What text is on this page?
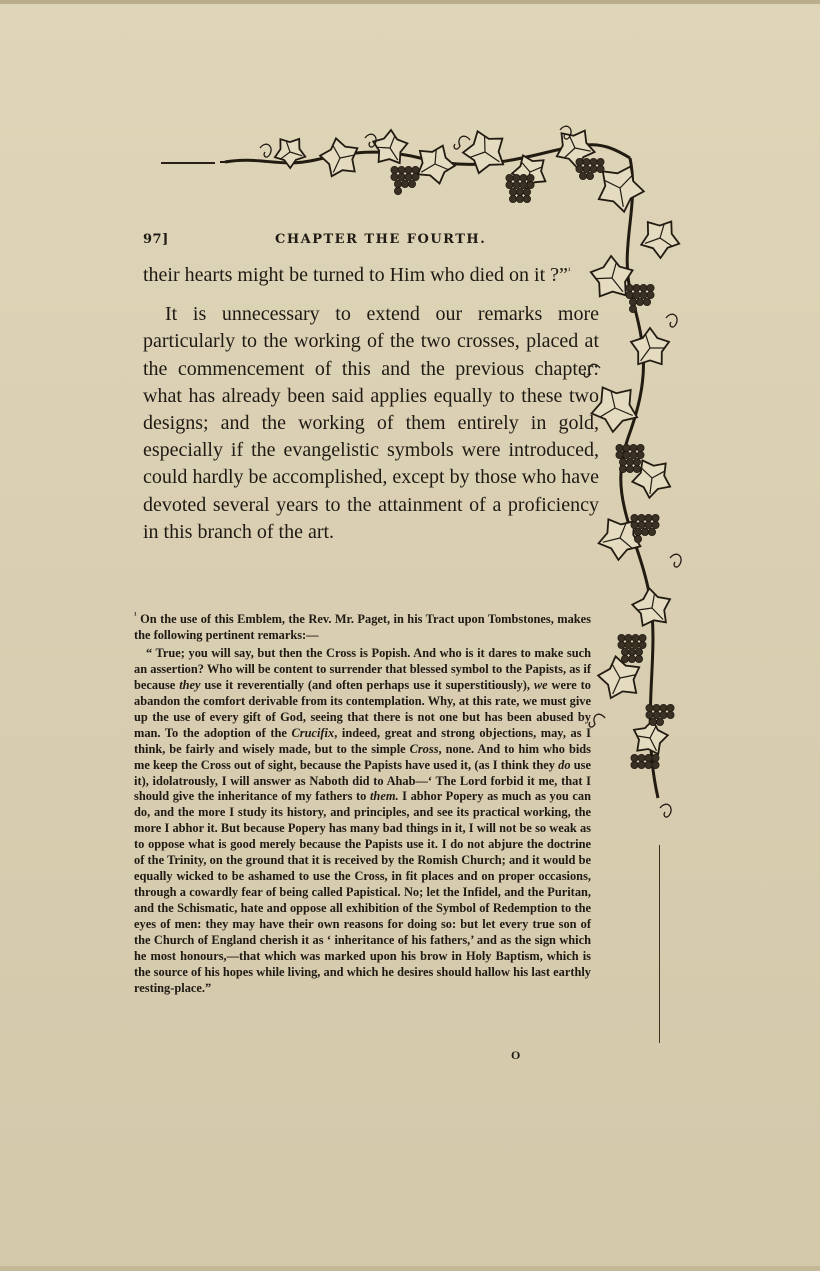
97]	CHAPTER THE FOURTH.

their hearts might be turned to Him who died on it ?”$^{^1}$

It is unnecessary to extend our remarks more particularly to the working of the two crosses, placed at the commencement of this and the previous chapter: what has already been said applies equally to these two designs; and the working of them entirely in gold, especially if the evangelistic symbols were introduced, could hardly be accomplished, except by those who have devoted several years to the attainment of a proficiency in this branch of the art.

$^{^1}$ On the use of this Emblem, the Rev. Mr. Paget, in his Tract upon Tombstones, makes the following pertinent remarks:—

“ True; you will say, but then the Cross is Popish. And who is it dares to make such an assertion? Who will be content to surrender that blessed symbol to the Papists, as if because they use it reverentially (and often perhaps use it superstitiously), we were to abandon the comfort derivable from its contemplation. Why, at this rate, we must give up the use of every gift of God, seeing that there is not one but has been abused by man. To the adoption of the Crucifix, indeed, great and strong objections, may, as I think, be fairly and wisely made, but to the simple Cross, none. And to him who bids me keep the Cross out of sight, because the Papists have used it, (as I think they do use it), idolatrously, I will answer as Naboth did to Ahab—‘ The Lord forbid it me, that I should give the inheritance of my fathers to them. I abhor Popery as much as you can do, and the more I study its history, and principles, and see its practical working, the more I abhor it. But because Popery has many bad things in it, I will not be so weak as to oppose what is good merely because the Papists use it. I do not abjure the doctrine of the Trinity, on the ground that it is received by the Romish Church; and it would be equally wicked to be ashamed to use the Cross, in fit places and on proper occasions, through a cowardly fear of being called Papistical. No; let the Infidel, and the Puritan, and the Schismatic, hate and oppose all exhibition of the Symbol of Redemption to the eyes of men: they may have their own reasons for doing so: but let every true son of the Church of England cherish it as ‘ inheritance of his fathers,’ and as the sign which he most honours,—that which was marked upon his brow in Holy Baptism, which is the source of his hopes while living, and which he desires should hallow his last earthly resting-place.”

O
